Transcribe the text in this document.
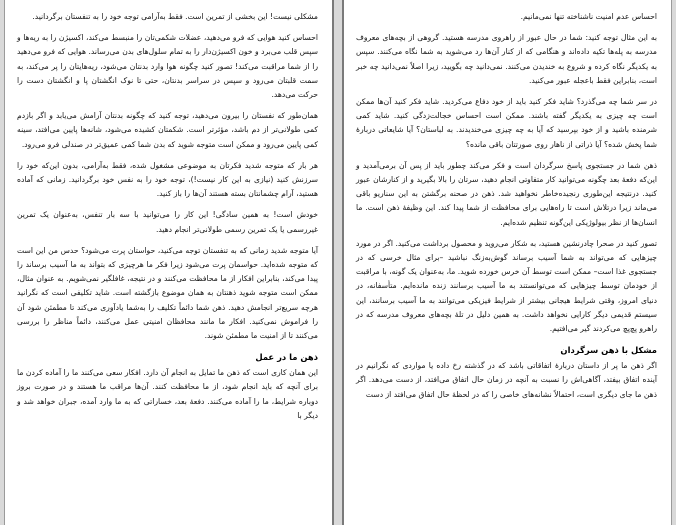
مشکلی نیست! این بخشی از تمرین است. فقط به‌آرامی توجه خود را به تنفستان برگردانید.

احساس کنید هوایی که فرو می‌دهید، عضلات شکمی‌تان را منبسط می‌کند، اکسیژن را به ریه‌ها و سپس قلب می‌برد و خون اکسیژن‌دار را به تمام سلول‌های بدن می‌رساند. هوایی که فرو می‌دهید را از شما مراقبت می‌کند! تصور کنید چگونه هوا وارد بدنتان می‌شود، ریه‌هایتان را پر می‌کند، به سمت قلبتان می‌رود و سپس در سراسر بدنتان، حتی تا نوک انگشتان پا و انگشتان دست را حرکت می‌دهد.

همان‌طور که نفستان را بیرون می‌دهید، توجه کنید که چگونه بدنتان آرامش می‌یابد و اگر بازدم کمی طولانی‌تر از دم باشد، مؤثرتر است. شکمتان کشیده می‌شود، شانه‌ها پایین می‌افتد، سینه کمی پایین می‌رود و ممکن است متوجه شوید که بدن شما کمی عمیق‌تر در صندلی فرو می‌رود.

هر بار که متوجه شدید فکرتان به موضوعی مشغول شده، فقط به‌آرامی، بدون این‌که خود را سرزنش کنید (نیازی به این کار نیست!)، توجه خود را به نفس خود برگردانید. زمانی که آماده هستید، آرام چشمانتان بسته هستند آن‌ها را باز کنید.

خودش است! به همین سادگی! این کار را می‌توانید با سه بار تنفس، به‌عنوان یک تمرین غیررسمی یا یک تمرین رسمی طولانی‌تر انجام دهید.

آیا متوجه شدید زمانی که به تنفستان توجه می‌کنید، حواستان پرت می‌شود؟ حدس من این است که متوجه شده‌اید. حواسمان پرت می‌شود زیرا فکر ما هرچیزی که بتواند به ما آسیب برساند را پیدا می‌کند، بنابراین افکار از ما محافظت می‌کنند و در نتیجه، غافلگیر نمی‌شویم. به عنوان مثال، ممکن است متوجه شوید ذهنتان به همان موضوع بازگشته است. شاید تکلیفی است که نگرانید هرچه سریع‌تر انجامش دهید. ذهن شما دائماً تکلیف را به‌شما یادآوری می‌کند تا مطمئن شود آن را فراموش نمی‌کنید. افکار ما مانند محافظان امنیتی عمل می‌کنند، دائماً مناظر را بررسی می‌کنند تا از امنیت ما مطمئن شوند.

ذهن ما در عمل

این همان کاری است که ذهن ما تمایل به انجام آن دارد. افکار سعی می‌کنند ما را آماده کردن ما برای آنچه که باید انجام شود، از ما محافظت کنند. آن‌ها مراقب ما هستند و در صورت بروز دوباره شرایط، ما را آماده می‌کنند. دفعهٔ بعد، خساراتی که به ما وارد آمده، جبران خواهد شد و دیگر با

احساس عدم امنیت ناشناخته تنها نمی‌مانیم.

به این مثال توجه کنید: شما در حال عبور از راهروی مدرسه هستید. گروهی از بچه‌های معروف مدرسه به پله‌ها تکیه داده‌اند و هنگامی که از کنار آن‌ها رد می‌شوید به شما نگاه می‌کنند. سپس به یکدیگر نگاه کرده و شروع به خندیدن می‌کنند. نمی‌دانید چه بگویید، زیرا اصلاً نمی‌دانید چه خبر است، بنابراین فقط باعجله عبور می‌کنید.

در سر شما چه می‌گذرد؟ شاید فکر کنید باید از خود دفاع می‌کردید. شاید فکر کنید آن‌ها ممکن است چه چیزی به یکدیگر گفته باشند. ممکن است احساس خجالت‌زدگی کنید. شاید کمی شرمنده باشید و از خود بپرسید که آیا به چه چیزی می‌خندیدند. به لباستان؟ آیا شایعاتی دربارهٔ شما پخش شده؟ آیا ذراتی از ناهار روی صورتتان باقی مانده؟

ذهن شما در جستجوی پاسخ سرگردان است و فکر می‌کند چطور باید از پس آن برمی‌آمدید و این‌که دفعهٔ بعد چگونه می‌توانید کار متفاوتی انجام دهید، سرتان را بالا بگیرید و از کنارشان عبور کنید. درنتیجه این‌طوری رنجیده‌خاطر نخواهید شد. ذهن در صحنه برگشتن به این سناریو باقی می‌ماند زیرا درتلاش است تا راه‌هایی برای محافظت از شما پیدا کند. این وظیفهٔ ذهن است. ما انسان‌ها از نظر بیولوژیکی این‌گونه تنظیم شده‌ایم.

تصور کنید در صحرا چادرنشین هستید، به شکار می‌روید و محصول برداشت می‌کنید. اگر در مورد چیزهایی که می‌تواند به شما آسیب برساند گوش‌به‌زنگ نباشید –برای مثال خرسی که در جستجوی غذا است– ممکن است توسط آن خرس خورده شوید. ما، به‌عنوان یک گونه، با مراقبت از خودمان توسط چیزهایی که می‌توانستند به ما آسیب برسانند زنده مانده‌ایم. متأسفانه، در دنیای امروز، وقتی شرایط هیجانی بیشتر از شرایط فیزیکی می‌توانند به ما آسیب برسانند، این سیستم قدیمی دیگر کارایی نخواهد داشت. به همین دلیل در تلهٔ بچه‌های معروف مدرسه که در راهرو پچ‌پچ می‌کردند گیر می‌افتیم.

مشکل با ذهن سرگردان

اگر ذهن ما پر از داستان دربارهٔ اتفاقاتی باشد که در گذشته رخ داده یا مواردی که نگرانیم در آینده اتفاق بیفتد، آگاهی‌اش را نسبت به آنچه در زمان حال اتفاق می‌افتد، از دست می‌دهد. اگر ذهن ما جای دیگری است، احتمالاً نشانه‌های خاصی را که در لحظهٔ حال اتفاق می‌افتد از دست
